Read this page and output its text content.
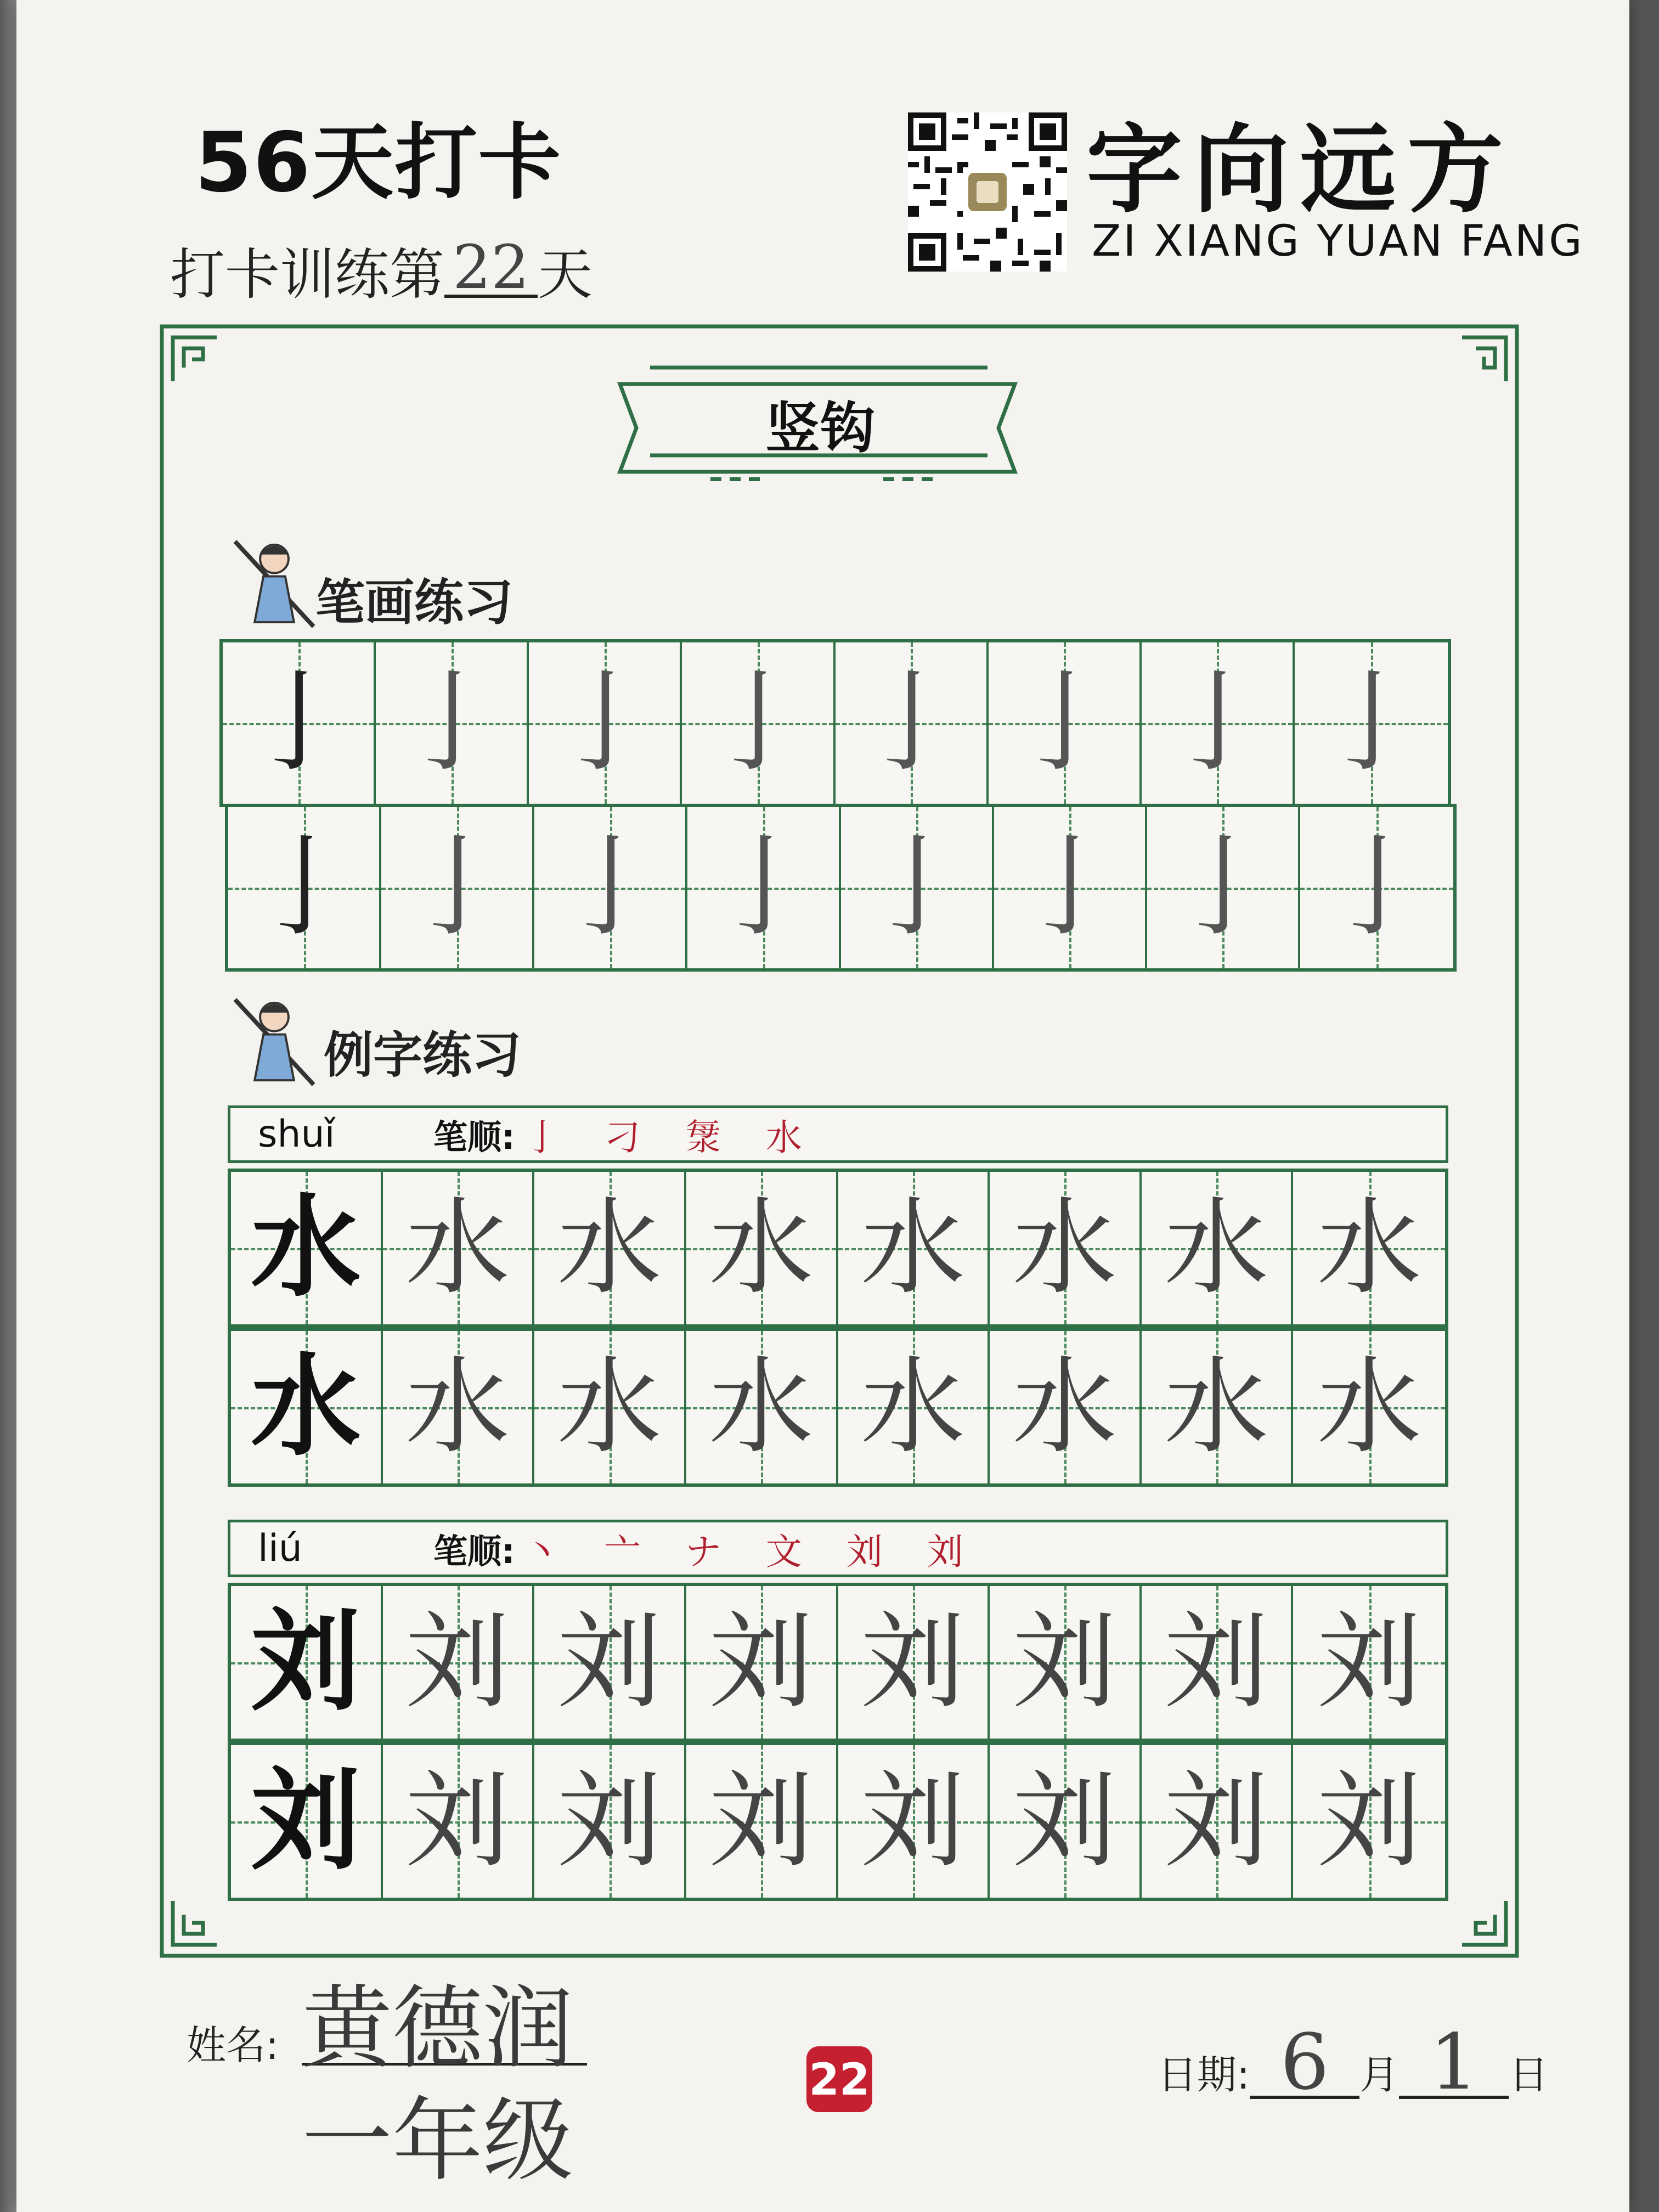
56天打卡
打卡训练第 22 天
字向远方
ZI XIANG YUAN FANG
竖钩
笔画练习
亅 亅 亅 亅 亅 亅 亅 亅
亅 亅 亅 亅 亅 亅 亅 亅
例字练习
shuǐ	笔顺: 亅 刁 𣴴 水
水 水 水 水 水 水 水 水
水 水 水 水 水 水 水 水
liú	笔顺: 丶 亠 ナ 文 刘 刘
刘 刘 刘 刘 刘 刘 刘 刘
刘 刘 刘 刘 刘 刘 刘 刘
姓名: 黄德润
一年级
22	日期: 6 月 1 日
